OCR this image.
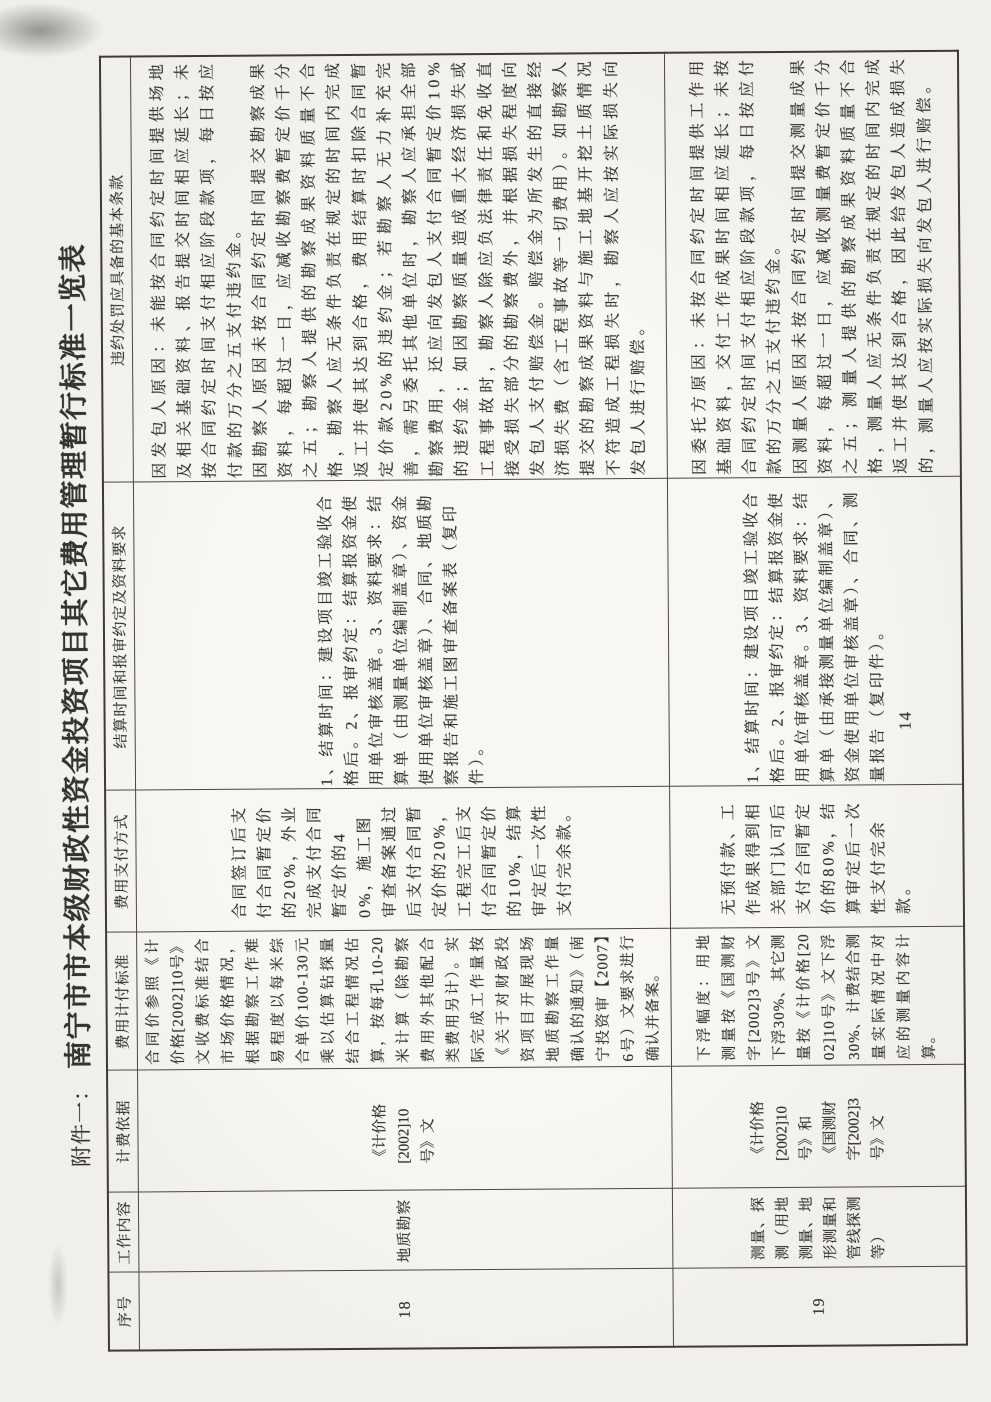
附件一：南宁市市本级财政性资金投资项目其它费用管理暂行标准一览表
序号	工作内容	计费依据	费用计付标准	费用支付方式	结算时间和报审约定及资料要求	违约处罚应具备的基本条款
18	地质勘察	《计价格[2002]10号》文	合同价参照《计价格[2002]10号》文收费标准结合市场价格情况，根据勘察工作难易程度以每米综合单价100-130元乘以估算钻探量结合工程情况估算，按每孔10-20米计算（除勘察费用外其他配合类费用另计）。实际完成工作量按《关于对财政投资项目开展现场地质勘察工作量确认的通知》（南宁投资审【2007】6号）文要求进行确认并备案。	合同签订后支付合同暂定价的20%，外业完成支付合同暂定价的40%，施工图审查备案通过后支付合同暂定价的20%，工程完工后支付合同暂定价的10%，结算审定后一次性支付完余款。	1、结算时间：建设项目竣工验收合格后。2、报审约定：结算报资金使用单位审核盖章。3、资料要求：结算单（由测量单位编制盖章）、资金使用单位审核盖章）、合同、地质勘察报告和施工图审查备案表（复印件）。	因发包人原因：未能按合同约定时间提供场地及相关基础资料、报告提交时间相应延长；未按合同约定时间支付相应阶段款项，每日按应付款的万分之五支付违约金。 因勘察人原因未按合同约定时间提交勘察成果资料，每超过一日，应减收勘察费暂定价千分之五；勘察人提供的勘察成果资料质量不合格，勘察人应无条件负责在规定的时间内完成返工并使其达到合格，费用结算时扣除合同暂定价款20%的违约金；若勘察人无力补充完善，需另委托其他单位时，勘察人应承担全部勘察费用，还应向发包人支付合同暂定价10%的违约金；如因勘察质量造成重大经济损失或工程事故时，勘察人除应负法律责任和免收直接受损失部分的勘察费外，并根据损失程度向发包人支付赔偿金。赔偿金为所发生的直接经济损失费（含工程事故等一切费用）。如勘察人提交的勘察成果资料与施工地基开挖土质情况不符造成工程损失时，勘察人应按实际损失向发包人进行赔偿。

19	测量、探测（用地测量、地形测量和管线探测等）	《计价格[2002]10号》和《国测财字[2002]3号》文	下浮幅度：用地测量按《国测财字[2002]3号》文下浮30%、其它测量按《计价格[2002]10号》文下浮30%、计费结合测量实际情况中对应的测量内容计算。	无预付款、工作成果得到相关部门认可后支付合同暂定价的80%，结算审定后一次性支付完余款。	1、结算时间：建设项目竣工验收合格后。2、报审约定：结算报资金使用单位审核盖章。3、资料要求：结算单（由承接测量单位编制盖章）、资金使用单位审核盖章）、合同、测量报告（复印件）。	因委托方原因：未按合同约定时间提供工作用基础资料，交付工作成果时间相应延长；未按合同约定时间支付相应阶段款项，每日按应付款的万分之五支付违约金。 因测量人原因未按合同约定时间提交测量成果资料，每超过一日，应减收测量费暂定价千分之五；测量人提供的勘察成果资料质量不合格，测量人应无条件负责在规定的时间内完成返工并使其达到合格，因此给发包人造成损失的，测量人应按实际损失向发包人进行赔偿。

14
